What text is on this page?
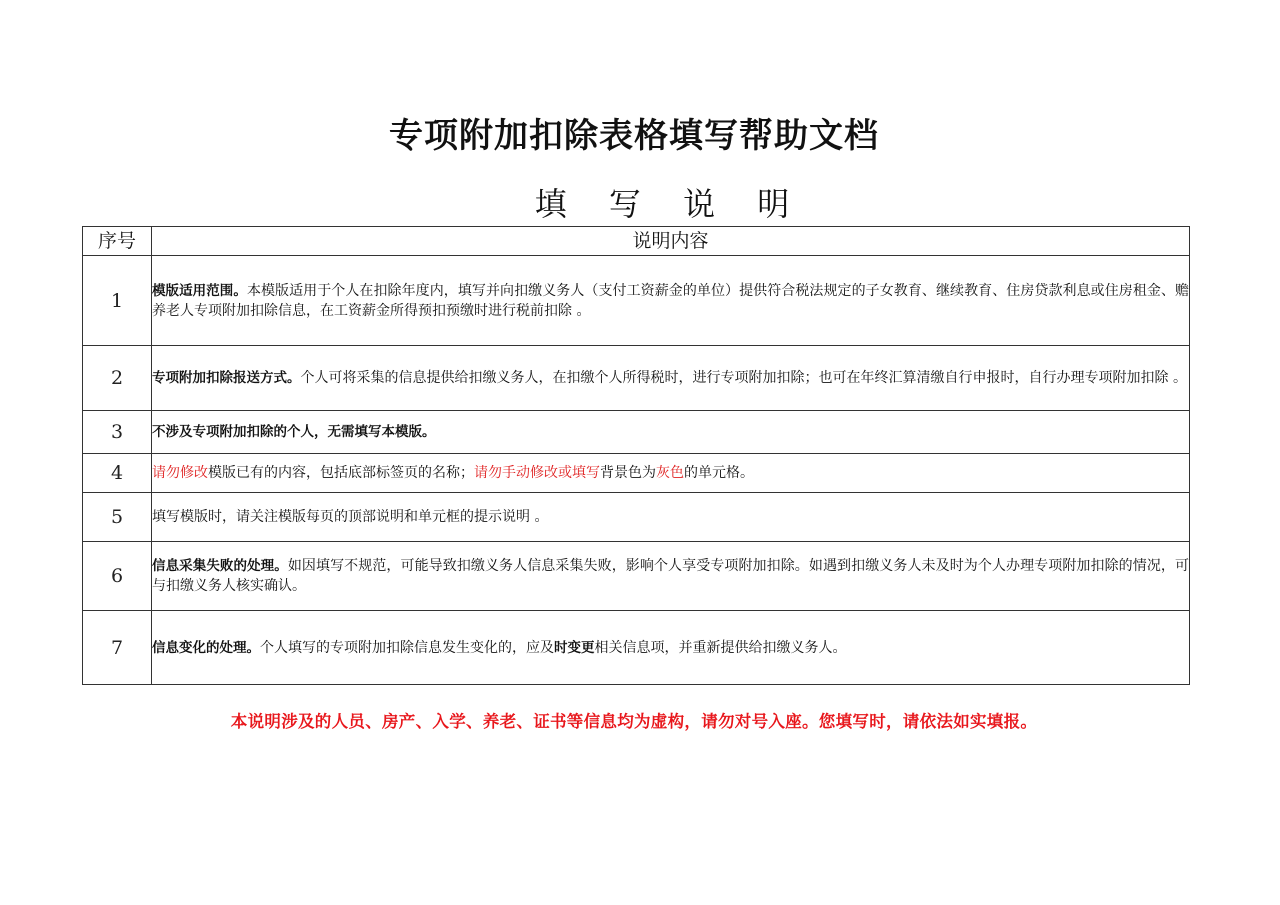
专项附加扣除表格填写帮助文档
填 写 说 明
序号	说明内容
1	模版适用范围。本模版适用于个人在扣除年度内，填写并向扣缴义务人（支付工资薪金的单位）提供符合税法规定的子女教育、继续教育、住房贷款利息或住房租金、赡养老人专项附加扣除信息，在工资薪金所得预扣预缴时进行税前扣除 。
2	专项附加扣除报送方式。个人可将采集的信息提供给扣缴义务人，在扣缴个人所得税时，进行专项附加扣除；也可在年终汇算清缴自行申报时，自行办理专项附加扣除 。
3	不涉及专项附加扣除的个人，无需填写本模版。
4	请勿修改模版已有的内容，包括底部标签页的名称；请勿手动修改或填写背景色为灰色的单元格。
5	填写模版时，请关注模版每页的顶部说明和单元框的提示说明 。
6	信息采集失败的处理。如因填写不规范，可能导致扣缴义务人信息采集失败，影响个人享受专项附加扣除。如遇到扣缴义务人未及时为个人办理专项附加扣除的情况，可与扣缴义务人核实确认。
7	信息变化的处理。个人填写的专项附加扣除信息发生变化的，应及时变更相关信息项，并重新提供给扣缴义务人。
本说明涉及的人员、房产、入学、养老、证书等信息均为虚构，请勿对号入座。您填写时，请依法如实填报。
